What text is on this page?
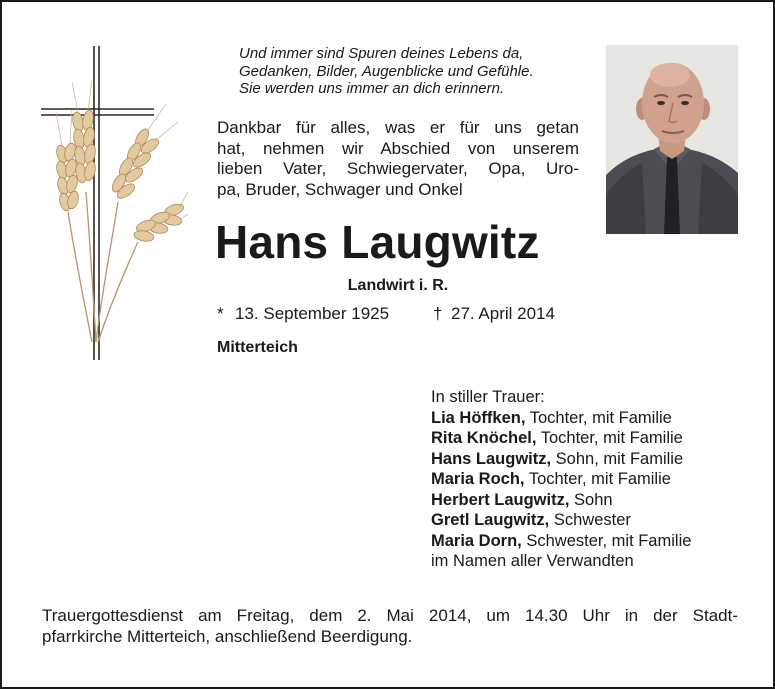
Und immer sind Spuren deines Lebens da,
Gedanken, Bilder, Augenblicke und Gefühle.
Sie werden uns immer an dich erinnern.
Dankbar für alles, was er für uns getan
hat, nehmen wir Abschied von unserem
lieben Vater, Schwiegervater, Opa, Uro-
pa, Bruder, Schwager und Onkel
Hans Laugwitz
Landwirt i. R.
* 13. September 1925	† 27. April 2014
Mitterteich
In stiller Trauer:
Lia Höffken, Tochter, mit Familie
Rita Knöchel, Tochter, mit Familie
Hans Laugwitz, Sohn, mit Familie
Maria Roch, Tochter, mit Familie
Herbert Laugwitz, Sohn
Gretl Laugwitz, Schwester
Maria Dorn, Schwester, mit Familie
im Namen aller Verwandten
Trauergottesdienst am Freitag, dem 2. Mai 2014, um 14.30 Uhr in der Stadt-
pfarrkirche Mitterteich, anschließend Beerdigung.
